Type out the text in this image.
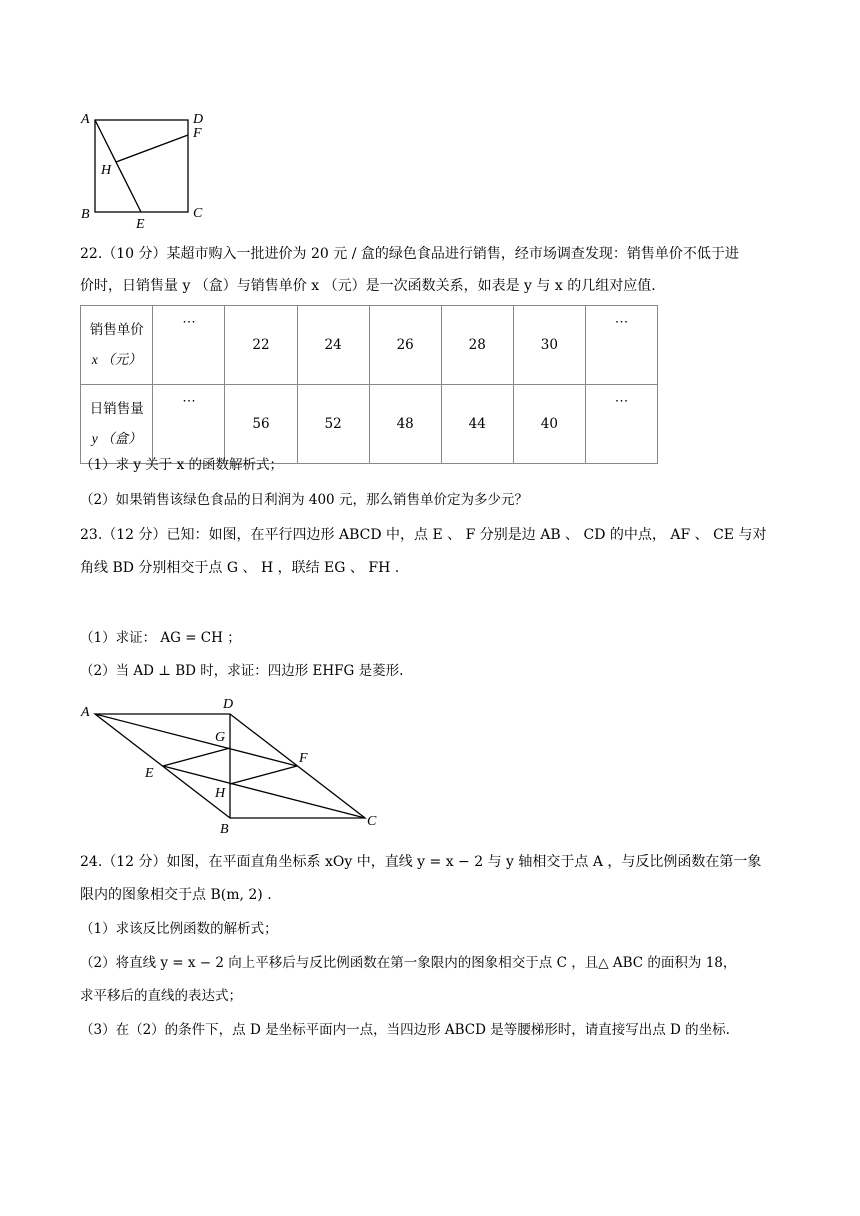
A	D
F
H
B
E
C
22.（10 分）某超市购入一批进价为 20 元 / 盒的绿色食品进行销售，经市场调查发现：销售单价不低于进
价时，日销售量 y （盒）与销售单价 x （元）是一次函数关系，如表是 y 与 x 的几组对应值.
销售单价
x （元）	⋯	22	24	26	28	30	⋯

日销售量
y （盒）	⋯	56	52	48	44	40	⋯
（1）求 y 关于 x 的函数解析式；
（2）如果销售该绿色食品的日利润为 400 元，那么销售单价定为多少元？
23.（12 分）已知：如图，在平行四边形 ABCD 中，点 E 、 F 分别是边 AB 、 CD 的中点， AF 、 CE 与对
角线 BD 分别相交于点 G 、 H ，联结 EG 、 FH .
（1）求证： AG = CH ；
（2）当 AD ⊥ BD 时，求证：四边形 EHFG 是菱形.
A
D
G
F
E
H
B
C
24.（12 分）如图，在平面直角坐标系 xOy 中，直线 y = x − 2 与 y 轴相交于点 A ，与反比例函数在第一象
限内的图象相交于点 B(m, 2) .
（1）求该反比例函数的解析式；
（2）将直线 y = x − 2 向上平移后与反比例函数在第一象限内的图象相交于点 C ，且△ ABC 的面积为 18，
求平移后的直线的表达式；
（3）在（2）的条件下，点 D 是坐标平面内一点，当四边形 ABCD 是等腰梯形时，请直接写出点 D 的坐标.
